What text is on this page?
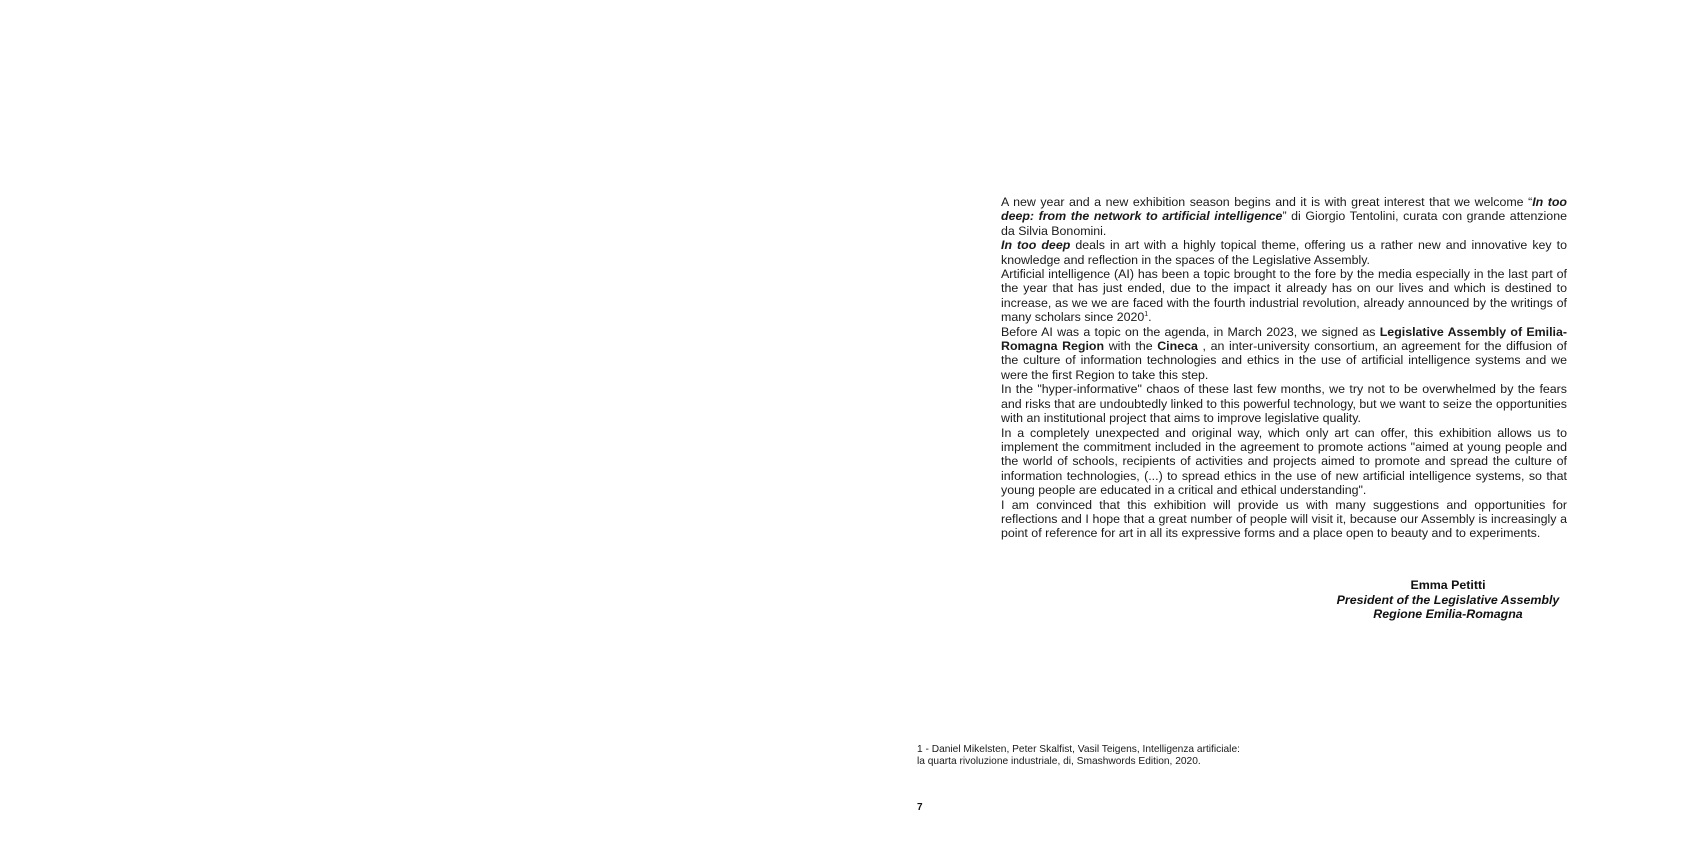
A new year and a new exhibition season begins and it is with great interest that we welcome “In too deep: from the network to artificial intelligence” di Giorgio Tentolini, curata con grande attenzione da Silvia Bonomini.

In too deep deals in art with a highly topical theme, offering us a rather new and innovative key to knowledge and reflection in the spaces of the Legislative Assembly.

Artificial intelligence (AI) has been a topic brought to the fore by the media especially in the last part of the year that has just ended, due to the impact it already has on our lives and which is destined to increase, as we we are faced with the fourth industrial revolution, already announced by the writings of many scholars since 2020$^1$.

Before AI was a topic on the agenda, in March 2023, we signed as Legislative Assembly of Emilia-Romagna Region with the Cineca , an inter-university consortium, an agreement for the diffusion of the culture of information technologies and ethics in the use of artificial intelligence systems and we were the first Region to take this step.

In the "hyper-informative" chaos of these last few months, we try not to be overwhelmed by the fears and risks that are undoubtedly linked to this powerful technology, but we want to seize the opportunities with an institutional project that aims to improve legislative quality.

In a completely unexpected and original way, which only art can offer, this exhibition allows us to implement the commitment included in the agreement to promote actions "aimed at young people and the world of schools, recipients of activities and projects aimed to promote and spread the culture of information technologies, (...) to spread ethics in the use of new artificial intelligence systems, so that young people are educated in a critical and ethical understanding".

I am convinced that this exhibition will provide us with many suggestions and opportunities for reflections and I hope that a great number of people will visit it, because our Assembly is increasingly a point of reference for art in all its expressive forms and a place open to beauty and to experiments.

Emma Petitti
President of the Legislative Assembly
Regione Emilia-Romagna
1 - Daniel Mikelsten, Peter Skalfist, Vasil Teigens, Intelligenza artificiale:
la quarta rivoluzione industriale, di, Smashwords Edition, 2020.
7
